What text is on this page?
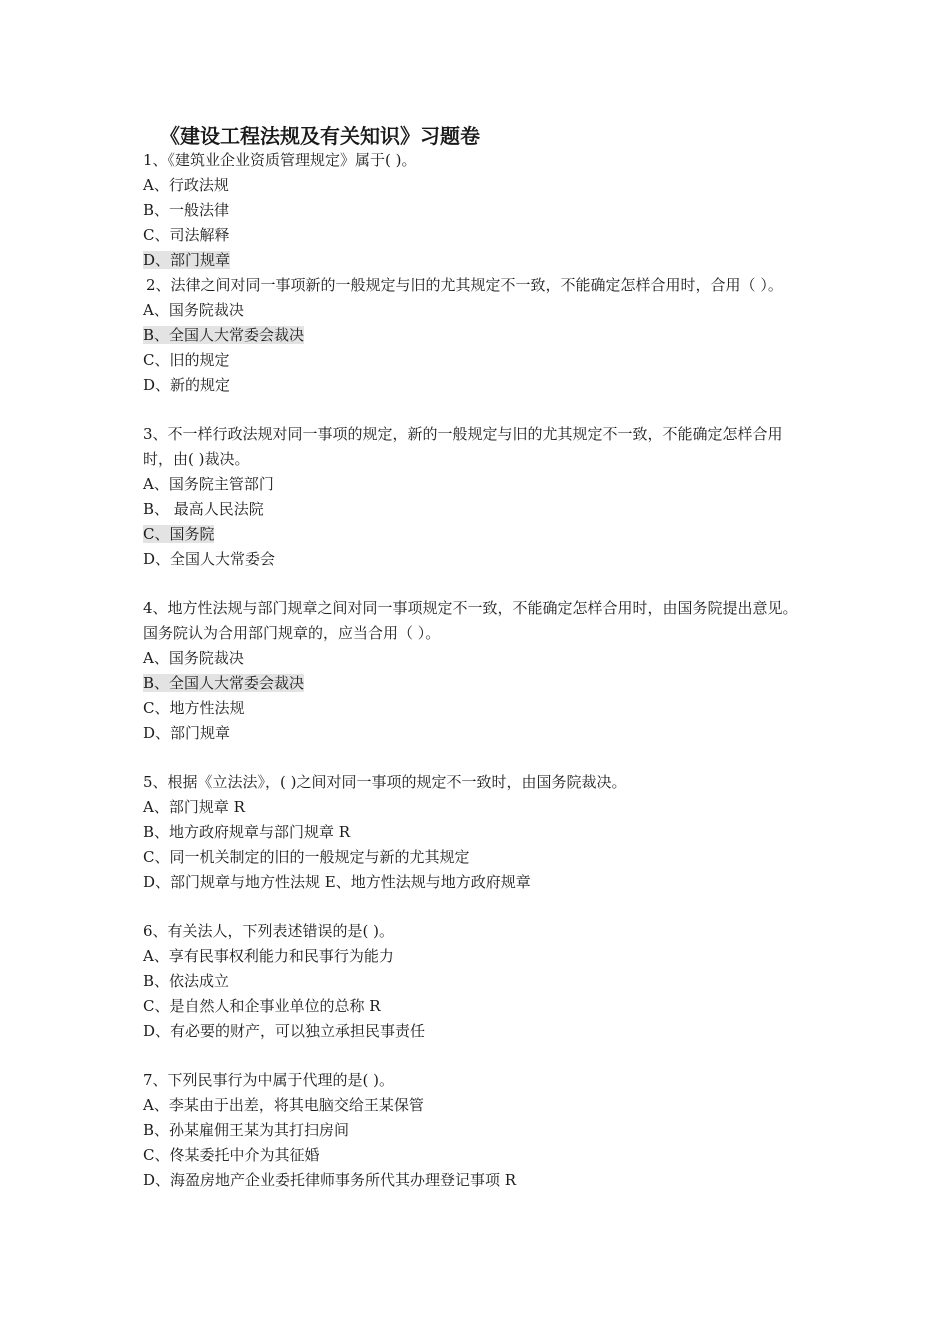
《建设工程法规及有关知识》习题卷
1、《建筑业企业资质管理规定》属于( )。
A、行政法规
B、一般法律
C、司法解释
D、部门规章
2、法律之间对同一事项新的一般规定与旧的尤其规定不一致，不能确定怎样合用时，合用（ ）。
A、国务院裁决
B、全国人大常委会裁决
C、旧的规定
D、新的规定
3、不一样行政法规对同一事项的规定，新的一般规定与旧的尤其规定不一致，不能确定怎样合用
时，由( )裁决。
A、国务院主管部门
B、 最高人民法院
C、国务院
D、全国人大常委会
4、地方性法规与部门规章之间对同一事项规定不一致，不能确定怎样合用时，由国务院提出意见。
国务院认为合用部门规章的，应当合用（ ）。
A、国务院裁决
B、全国人大常委会裁决
C、地方性法规
D、部门规章
5、根据《立法法》，( )之间对同一事项的规定不一致时，由国务院裁决。
A、部门规章 R
B、地方政府规章与部门规章 R
C、同一机关制定的旧的一般规定与新的尤其规定
D、部门规章与地方性法规 E、地方性法规与地方政府规章
6、有关法人，下列表述错误的是( )。
A、享有民事权利能力和民事行为能力
B、依法成立
C、是自然人和企事业单位的总称 R
D、有必要的财产，可以独立承担民事责任
7、下列民事行为中属于代理的是( )。
A、李某由于出差，将其电脑交给王某保管
B、孙某雇佣王某为其打扫房间
C、佟某委托中介为其征婚
D、海盈房地产企业委托律师事务所代其办理登记事项 R
